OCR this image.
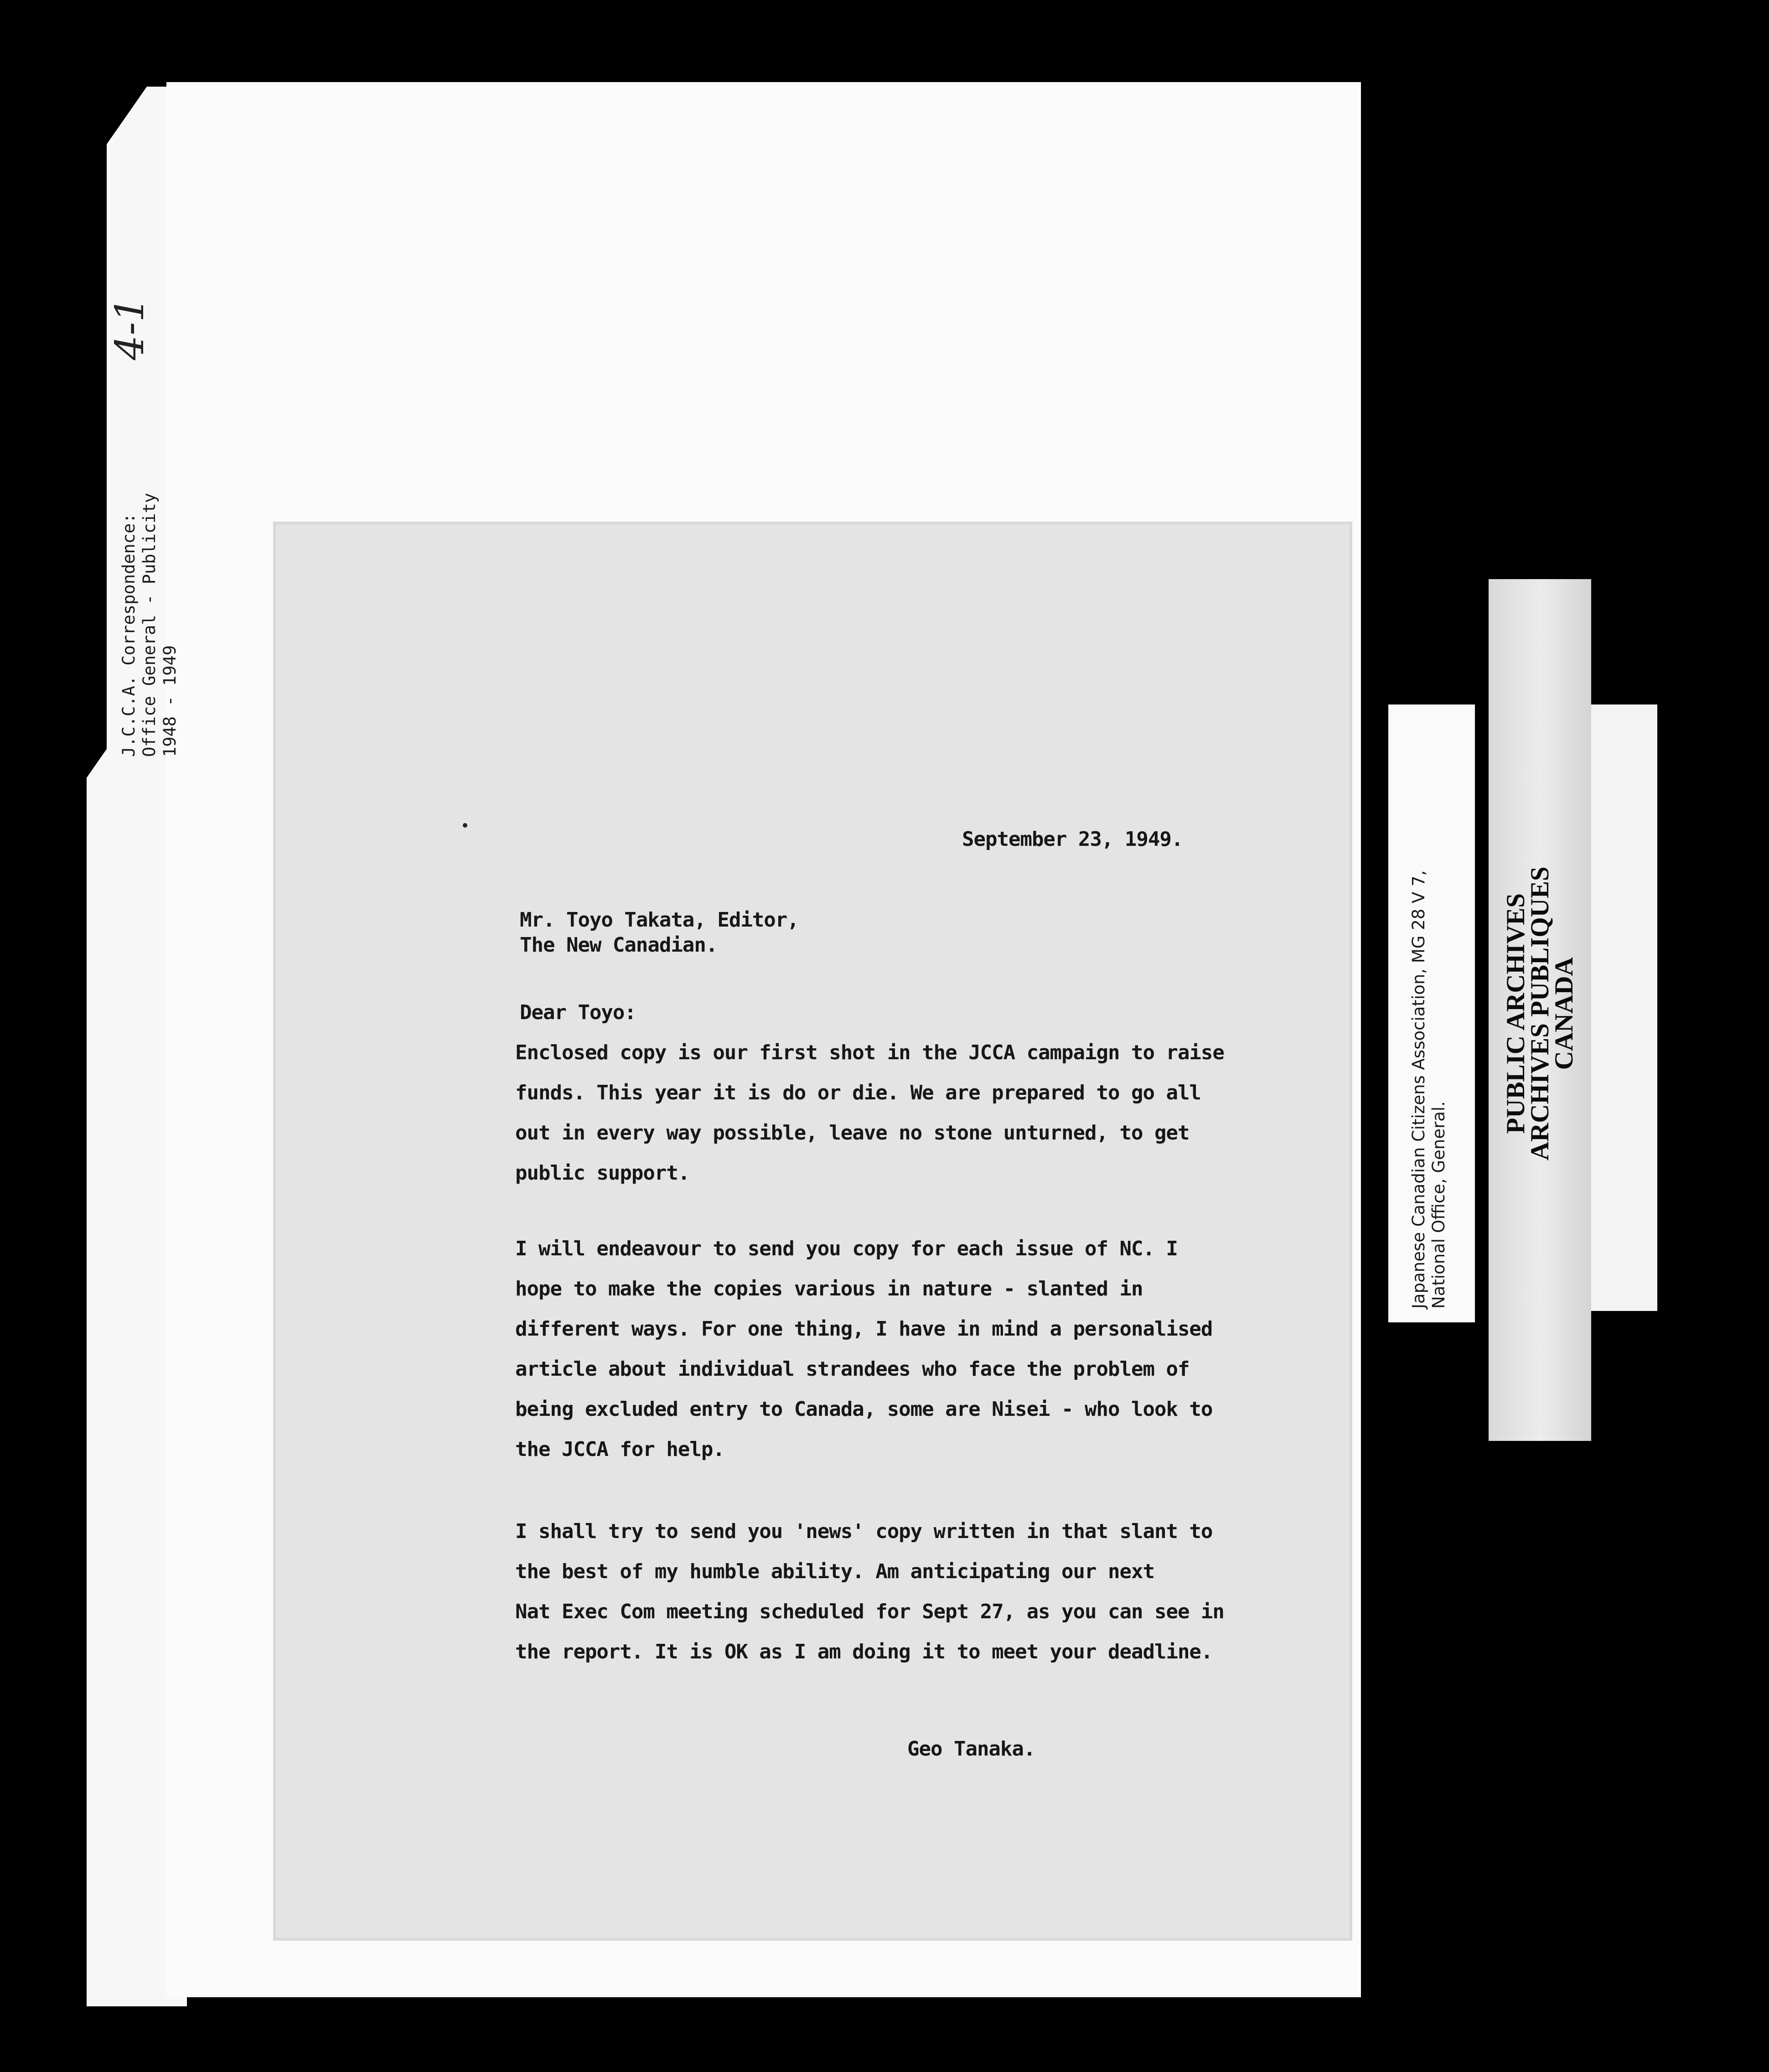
J.C.C.A. Correspondence: Office General - Publicity 1948 - 1949
4-1
September 23, 1949.
Mr. Toyo Takata, Editor,
The New Canadian.
Dear Toyo:
Enclosed copy is our first shot in the JCCA campaign to raise
funds. This year it is do or die. We are prepared to go all
out in every way possible, leave no stone unturned, to get
public support.
I will endeavour to send you copy for each issue of NC. I
hope to make the copies various in nature - slanted in
different ways. For one thing, I have in mind a personalised
article about individual strandees who face the problem of
being excluded entry to Canada, some are Nisei - who look to
the JCCA for help.
I shall try to send you 'news' copy written in that slant to
the best of my humble ability. Am anticipating our next
Nat Exec Com meeting scheduled for Sept 27, as you can see in
the report. It is OK as I am doing it to meet your deadline.
Geo Tanaka.
Japanese Canadian Citizens Association, MG 28 V 7, National Office, General.
PUBLIC ARCHIVES
ARCHIVES PUBLIQUES
CANADA
